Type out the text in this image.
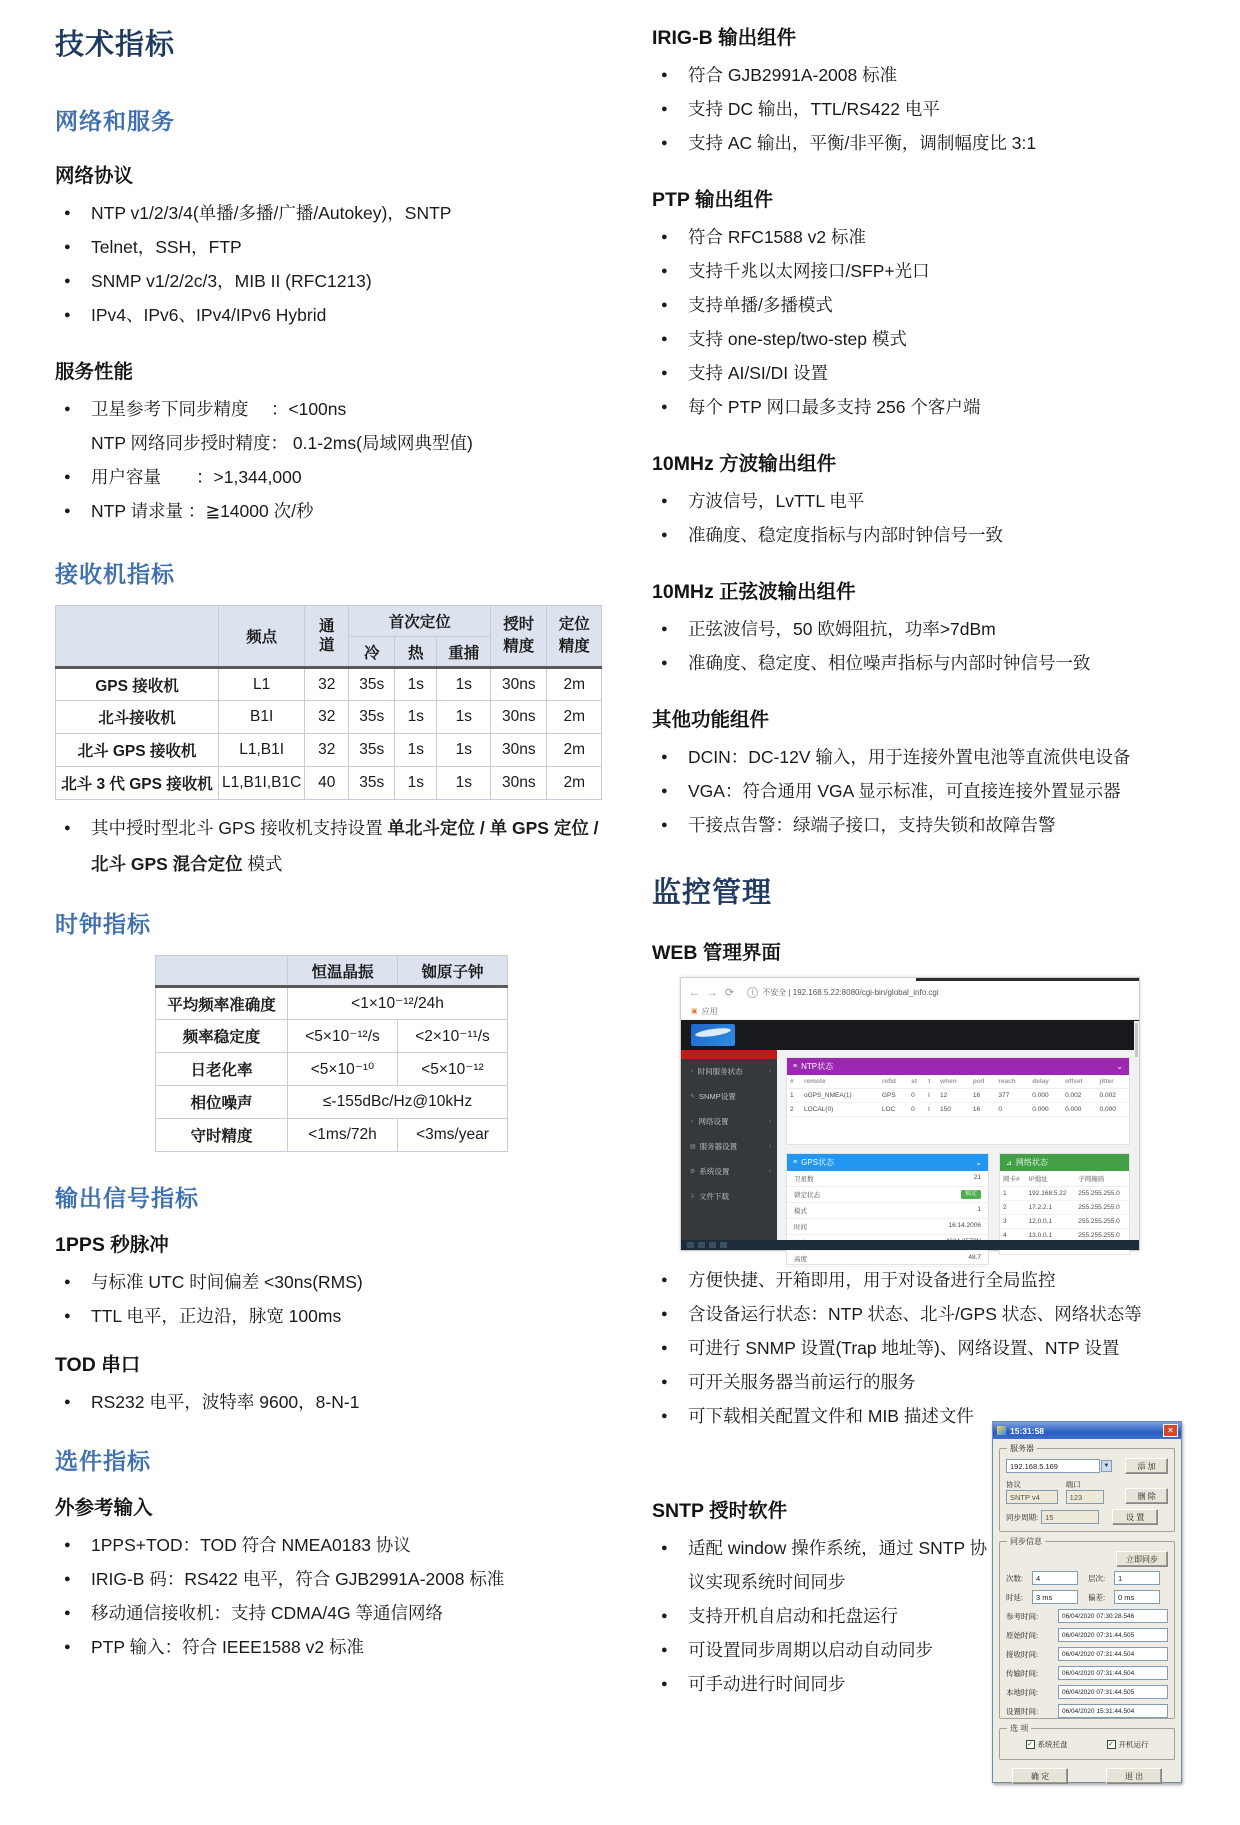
技术指标
网络和服务
网络协议
● NTP v1/2/3/4(单播/多播/广播/Autokey)，SNTP
● Telnet，SSH，FTP
● SNMP v1/2/2c/3，MIB II (RFC1213)
● IPv4、IPv6、IPv4/IPv6 Hybrid
服务性能
● 卫星参考下同步精度　 ：<100ns
NTP 网络同步授时精度： 0.1-2ms(局域网典型值)
● 用户容量　　：>1,344,000
● NTP 请求量 ：≧14000 次/秒
接收机指标
	频点	通道	首次定位			授时精度	定位精度
			冷	热	重捕		
GPS 接收机	L1	32	35s	1s	1s	30ns	2m
北斗接收机	B1I	32	35s	1s	1s	30ns	2m
北斗 GPS 接收机	L1,B1I	32	35s	1s	1s	30ns	2m
北斗 3 代 GPS 接收机	L1,B1I,B1C	40	35s	1s	1s	30ns	2m
● 其中授时型北斗 GPS 接收机支持设置 单北斗定位 / 单 GPS 定位 /北斗 GPS 混合定位 模式
时钟指标
	恒温晶振	铷原子钟
平均频率准确度	<1×10⁻¹²/24h	
频率稳定度	<5×10⁻¹²/s	<2×10⁻¹¹/s
日老化率	<5×10⁻¹⁰	<5×10⁻¹²
相位噪声	≤-155dBc/Hz@10kHz	
守时精度	<1ms/72h	<3ms/year
输出信号指标
1PPS 秒脉冲
● 与标准 UTC 时间偏差 <30ns(RMS)
● TTL 电平，正边沿，脉宽 100ms
TOD 串口
● RS232 电平，波特率 9600，8-N-1
选件指标
外参考输入
● 1PPS+TOD：TOD 符合 NMEA0183 协议
● IRIG-B 码：RS422 电平，符合 GJB2991A-2008 标准
● 移动通信接收机：支持 CDMA/4G 等通信网络
● PTP 输入：符合 IEEE1588 v2 标准
IRIG-B 输出组件
● 符合 GJB2991A-2008 标准
● 支持 DC 输出，TTL/RS422 电平
● 支持 AC 输出，平衡/非平衡，调制幅度比 3:1
PTP 输出组件
● 符合 RFC1588 v2 标准
● 支持千兆以太网接口/SFP+光口
● 支持单播/多播模式
● 支持 one-step/two-step 模式
● 支持 AI/SI/DI 设置
● 每个 PTP 网口最多支持 256 个客户端
10MHz 方波输出组件
● 方波信号，LvTTL 电平
● 准确度、稳定度指标与内部时钟信号一致
10MHz 正弦波输出组件
● 正弦波信号，50 欧姆阻抗，功率>7dBm
● 准确度、稳定度、相位噪声指标与内部时钟信号一致
其他功能组件
● DCIN：DC-12V 输入，用于连接外置电池等直流供电设备
● VGA：符合通用 VGA 显示标准，可直接连接外置显示器
● 干接点告警：绿端子接口，支持失锁和故障告警
监控管理
WEB 管理界面
← → ⟳	i	不安全 | 192.168.5.22:8080/cgi-bin/global_info.cgi
▣ 应用
◔ 时间服务状态	›
✎ SNMP设置
♁ 网络设置	›
▤ 服务器设置	›
⚙ 系统设置	›
⇩ 文件下载
≡ NTP状态	⌄
#	remote	refid	st	t	when	poll	reach	delay	offset	jitter
1	oGPS_NMEA(1)	GPS	0	l	12	16	377	0.000	0.002	0.002
2	LOCAL(0)	LOC	0	l	150	16	0	0.000	0.000	0.000
≡ GPS状态	⌄
卫星数	21
锁定状态	锁定
模式	1
时间	16:14.2006
高度	48.7
⊿ 网络状态
网卡#	IP地址	子网掩码
1	192.168.5.22	255.255.255.0
2	17.2.2.1	255.255.255.0
3	12.0.0.1	255.255.255.0
4	13.0.0.1	255.255.255.0
● 方便快捷、开箱即用，用于对设备进行全局监控
● 含设备运行状态：NTP 状态、北斗/GPS 状态、网络状态等
● 可进行 SNMP 设置(Trap 地址等)、网络设置、NTP 设置
● 可开关服务器当前运行的服务
● 可下载相关配置文件和 MIB 描述文件
SNTP 授时软件
● 适配 window 操作系统，通过 SNTP 协议实现系统时间同步
● 支持开机自启动和托盘运行
● 可设置同步周期以启动自动同步
● 可手动进行时间同步
15:31:58	✕
服务器
192.168.5.169	▼	添 加
协议
SNTP v4
端口
123	删 除
同步周期: 15	设 置
同步信息
立即同步
次数:	4	层次:	1
时延:	3 ms	偏差:	0 ms
参考时间:	06/04/2020 07:30:28.546
原始时间:	06/04/2020 07:31:44.505
接收时间:	06/04/2020 07:31:44.504
传输时间:	06/04/2020 07:31:44.504
本地时间:	06/04/2020 07:31:44.505
设置时间:	06/04/2020 15:31:44.504
选 项
✓ 系统托盘	✓ 开机运行
确 定	退 出
